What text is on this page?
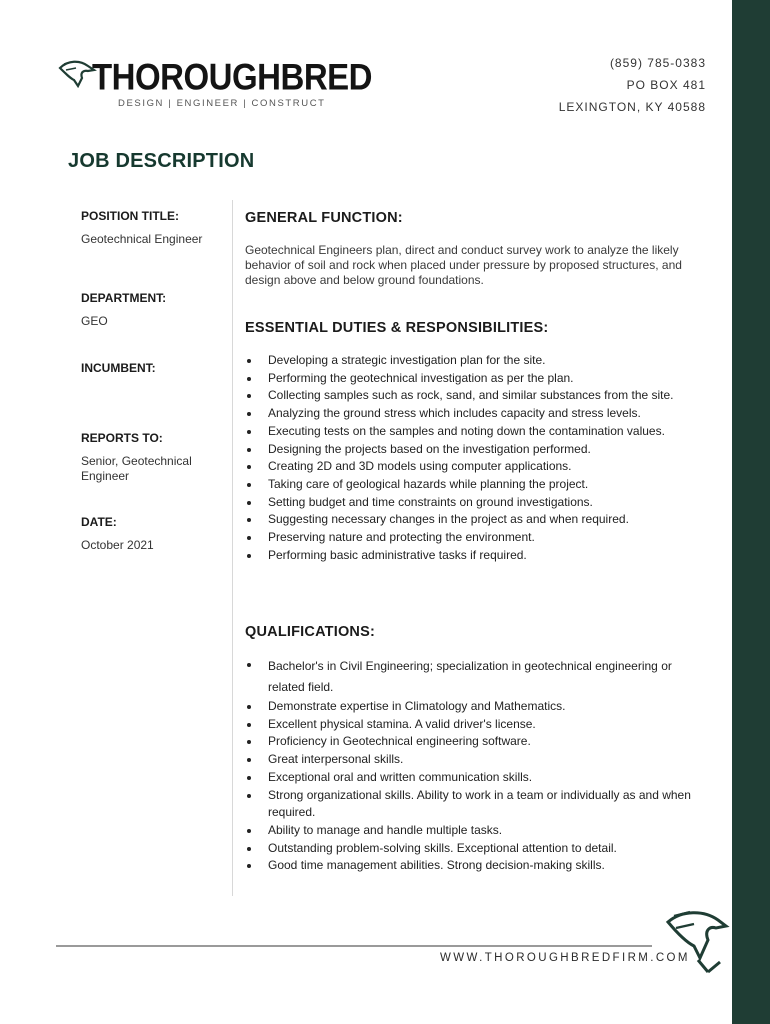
THOROUGHBRED
DESIGN | ENGINEER | CONSTRUCT
(859) 785-0383
PO BOX 481
LEXINGTON, KY 40588
JOB DESCRIPTION
POSITION TITLE:
Geotechnical Engineer
DEPARTMENT:
GEO
INCUMBENT:
REPORTS TO:
Senior, Geotechnical Engineer
DATE:
October 2021
GENERAL FUNCTION:
Geotechnical Engineers plan, direct and conduct survey work to analyze the likely behavior of soil and rock when placed under pressure by proposed structures, and design above and below ground foundations.
ESSENTIAL DUTIES & RESPONSIBILITIES:
Developing a strategic investigation plan for the site.
Performing the geotechnical investigation as per the plan.
Collecting samples such as rock, sand, and similar substances from the site.
Analyzing the ground stress which includes capacity and stress levels.
Executing tests on the samples and noting down the contamination values.
Designing the projects based on the investigation performed.
Creating 2D and 3D models using computer applications.
Taking care of geological hazards while planning the project.
Setting budget and time constraints on ground investigations.
Suggesting necessary changes in the project as and when required.
Preserving nature and protecting the environment.
Performing basic administrative tasks if required.
QUALIFICATIONS:
Bachelor's in Civil Engineering; specialization in geotechnical engineering or related field.
Demonstrate expertise in Climatology and Mathematics.
Excellent physical stamina. A valid driver's license.
Proficiency in Geotechnical engineering software.
Great interpersonal skills.
Exceptional oral and written communication skills.
Strong organizational skills. Ability to work in a team or individually as and when required.
Ability to manage and handle multiple tasks.
Outstanding problem-solving skills. Exceptional attention to detail.
Good time management abilities. Strong decision-making skills.
WWW.THOROUGHBREDFIRM.COM
